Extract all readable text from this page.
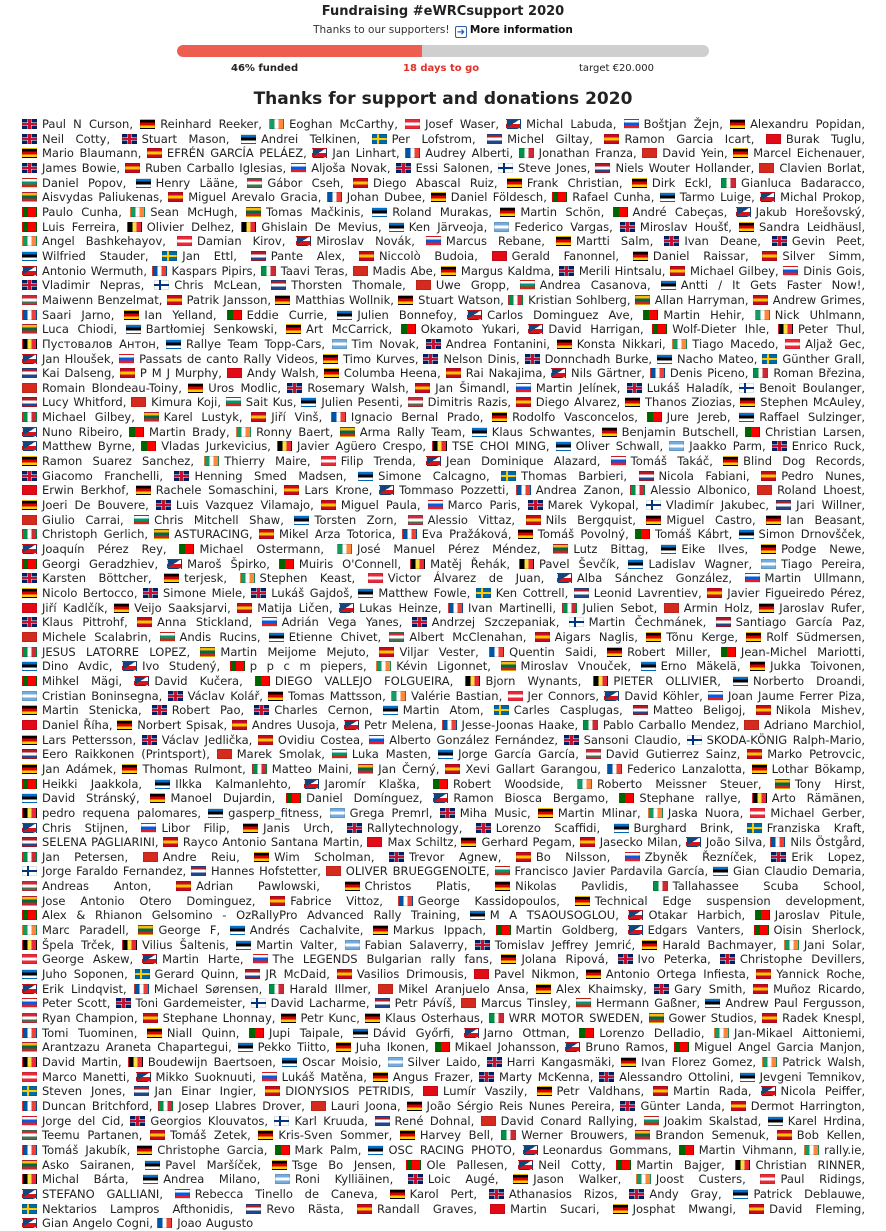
Fundraising #eWRCsupport 2020
Thanks to our supporters! ➜ More information
46% funded	18 days to go	target €20.000
Thanks for support and donations 2020
Paul N Curson, Reinhard Reeker, Eoghan McCarthy, Josef Waser, Michal Labuda, Boštjan Žejn, Alexandru Popidan, Neil Cotty, Stuart Mason, Andrei Telkinen, Per Lofstrom, Michel Giltay, Ramon Garcia Icart, Burak Tuglu, Mario Blaumann, EFRÉN GARCÍA PELÁEZ, Jan Linhart, Audrey Alberti, Jonathan Franza, David Yein, Marcel Eichenauer, James Bowie, Ruben Carballo Iglesias, Aljoša Novak, Essi Salonen, Steve Jones, Niels Wouter Hollander, Clavien Borlat, Daniel Popov, Henry Lääne, Gábor Cseh, Diego Abascal Ruiz, Frank Christian, Dirk Eckl, Gianluca Badaracco, Aisvydas Paliukenas, Miguel Arevalo Gracia, Johan Dubee, Daniel Földesch, Rafael Cunha, Tarmo Luige, Michal Prokop, Paulo Cunha, Sean McHugh, Tomas Mačkinis, Roland Murakas, Martin Schön, André Cabeças, Jakub Horešovský, Luis Ferreira, Olivier Delhez, Ghislain De Mevius, Ken Järveoja, Federico Vargas, Miroslav Houšť, Sandra Leidhäusl, Angel Bashkehayov, Damian Kirov, Miroslav Novák, Marcus Rebane, Martti Salm, Ivan Deane, Gevin Peet, Wilfried Stauder, Jan Ettl, Pante Alex, Niccolò Budoia, Gerald Fanonnel, Daniel Raissar, Silver Simm, Antonio Wermuth, Kaspars Pipirs, Taavi Teras, Madis Abe, Margus Kaldma, Merili Hintsalu, Michael Gilbey, Dinis Gois, Vladimir Nepras, Chris McLean, Thorsten Thomale, Uwe Gropp, Andrea Casanova, Antti / It Gets Faster Now!, Maiwenn Benzelmat, Patrik Jansson, Matthias Wollnik, Stuart Watson, Kristian Sohlberg, Allan Harryman, Andrew Grimes, Saari Jarno, Ian Yelland, Eddie Currie, Julien Bonnefoy, Carlos Dominguez Ave, Martin Hehir, Nick Uhlmann, Luca Chiodi, Bartłomiej Senkowski, Art McCarrick, Okamoto Yukari, David Harrigan, Wolf-Dieter Ihle, Peter Thul, Пустовалов Антон, Rallye Team Topp-Cars, Tim Novak, Andrea Fontanini, Konsta Nikkari, Tiago Macedo, Aljaž Gec, Jan Hloušek, Passats de canto Rally Videos, Timo Kurves, Nelson Dinis, Donnchadh Burke, Nacho Mateo, Günther Grall, Kai Dalseng, P M J Murphy, Andy Walsh, Columba Heena, Rai Nakajima, Nils Gärtner, Denis Piceno, Roman Březina, Romain Blondeau-Toiny, Uros Modlic, Rosemary Walsh, Jan Šimandl, Martin Jelínek, Lukáš Haladík, Benoit Boulanger, Lucy Whitford, Kimura Koji, Sait Kus, Julien Pesenti, Dimitris Razis, Diego Alvarez, Thanos Ziozias, Stephen McAuley, Michael Gilbey, Karel Lustyk, Jiří Vinš, Ignacio Bernal Prado, Rodolfo Vasconcelos, Jure Jereb, Raffael Sulzinger, Nuno Ribeiro, Martin Brady, Ronny Baert, Arma Rally Team, Klaus Schwantes, Benjamin Butschell, Christian Larsen, Matthew Byrne, Vladas Jurkevicius, Javier Agüero Crespo, TSE CHOI MING, Oliver Schwall, Jaakko Parm, Enrico Ruck, Ramon Suarez Sanchez, Thierry Maire, Filip Trenda, Jean Dominique Alazard, Tomáš Takáč, Blind Dog Records, Giacomo Franchelli, Henning Smed Madsen, Simone Calcagno, Thomas Barbieri, Nicola Fabiani, Pedro Nunes, Erwin Berkhof, Rachele Somaschini, Lars Krone, Tommaso Pozzetti, Andrea Zanon, Alessio Albonico, Roland Lhoest, Joeri De Bouvere, Luis Vazquez Vilamajo, Miguel Paula, Marco Paris, Marek Vykopal, Vladimír Jakubec, Jari Willner, Giulio Carrai, Chris Mitchell Shaw, Torsten Zorn, Alessio Vittaz, Nils Bergquist, Miguel Castro, Ian Beasant, Christoph Gerlich, ASTURACING, Mikel Arza Totorica, Eva Pražáková, Tomáš Povolný, Tomáš Kábrt, Simon Drnovšček, Joaquín Pérez Rey, Michael Ostermann, José Manuel Pérez Méndez, Lutz Bittag, Eike Ilves, Podge Newe, Georgi Geradzhiev, Maroš Špirko, Muiris O'Connell, Matěj Řehák, Pavel Ševčík, Ladislav Wagner, Tiago Pereira, Karsten Böttcher, terjesk, Stephen Keast, Victor Álvarez de Juan, Alba Sánchez González, Martin Ullmann, Nicolo Bertocco, Simone Miele, Lukáš Gajdoš, Matthew Fowle, Ken Cottrell, Leonid Lavrentiev, Javier Figueiredo Pérez, Jiří Kadlčík, Veijo Saaksjarvi, Matija Ličen, Lukas Heinze, Ivan Martinelli, Julien Sebot, Armin Holz, Jaroslav Rufer, Klaus Pittrohf, Anna Stickland, Adrián Vega Yanes, Andrzej Szczepaniak, Martin Čechmánek, Santiago García Paz, Michele Scalabrin, Andis Rucins, Etienne Chivet, Albert McClenahan, Aigars Naglis, Tõnu Kerge, Rolf Südmersen, JESUS LATORRE LOPEZ, Martin Meijome Mejuto, Viljar Vester, Quentin Saidi, Robert Miller, Jean-Michel Mariotti, Dino Avdic, Ivo Studený, p p c m piepers, Kévin Ligonnet, Miroslav Vnouček, Erno Mäkelä, Jukka Toivonen, Mihkel Mägi, David Kučera, DIEGO VALLEJO FOLGUEIRA, Bjorn Wynants, PIETER OLLIVIER, Norberto Droandi, Cristian Boninsegna, Václav Kolář, Tomas Mattsson, Valérie Bastian, Jer Connors, David Köhler, Joan Jaume Ferrer Piza, Martin Stenicka, Robert Pao, Charles Cernon, Martin Atom, Carles Casplugas, Matteo Beligoj, Nikola Mishev, Daniel Říha, Norbert Spisak, Andres Uusoja, Petr Melena, Jesse-Joonas Haake, Pablo Carballo Mendez, Adriano Marchiol, Lars Pettersson, Václav Jedlička, Ovidiu Costea, Alberto González Fernández, Sansoni Claudio, SKODA-KÖNIG Ralph-Mario, Eero Raikkonen (Printsport), Marek Smolak, Luka Masten, Jorge García García, David Gutierrez Sainz, Marko Petrovcic, Jan Adámek, Thomas Rulmont, Matteo Maini, Jan Černý, Xevi Gallart Garangou, Federico Lanzalotta, Lothar Bökamp, Heikki Jaakkola, Ilkka Kalmanlehto, Jaromír Klaška, Robert Woodside, Roberto Meissner Steuer, Tony Hirst, David Stránský, Manoel Dujardin, Daniel Domínguez, Ramon Biosca Bergamo, Stephane rallye, Arto Rämänen, pedro requena palomares, gasperp_fitness, Grega Premrl, Miha Music, Martin Mlinar, Jaska Nuora, Michael Gerber, Chris Stijnen, Libor Filip, Janis Urch, Rallytechnology, Lorenzo Scaffidi, Burghard Brink, Franziska Kraft, SELENA PAGLIARINI, Rayco Antonio Santana Martin, Max Schiltz, Gerhard Pegam, Jasecko Milan, João Silva, Nils Östgård, Jan Petersen, Andre Reiu, Wim Scholman, Trevor Agnew, Bo Nilsson, Zbyněk Řezníček, Erik Lopez, Jorge Faraldo Fernandez, Hannes Hofstetter, OLIVER BRUEGGENOLTE, Francisco Javier Pardavila García, Gian Claudio Demaria, Andreas Anton, Adrian Pawlowski, Christos Platis, Nikolas Pavlidis, Tallahassee Scuba School, Jose Antonio Otero Dominguez, Fabrice Vittoz, George Kassidopoulos, Technical Edge suspension development, Alex & Rhianon Gelsomino - OzRallyPro Advanced Rally Training, M A TSAOUSOGLOU, Otakar Harbich, Jaroslav Pitule, Marc Paradell, George F, Andrés Cachalvite, Markus Ippach, Martin Goldberg, Edgars Vanters, Oisin Sherlock, Špela Trček, Vilius Šaltenis, Martin Valter, Fabian Salaverry, Tomislav Jeffrey Jemrić, Harald Bachmayer, Jani Solar, George Askew, Martin Harte, The LEGENDS Bulgarian rally fans, Jolana Ripová, Ivo Peterka, Christophe Devillers, Juho Soponen, Gerard Quinn, JR McDaid, Vasilios Drimousis, Pavel Nikmon, Antonio Ortega Infiesta, Yannick Roche, Erik Lindqvist, Michael Sørensen, Harald Illmer, Mikel Aranjuelo Ansa, Alex Khaimsky, Gary Smith, Muñoz Ricardo, Peter Scott, Toni Gardemeister, David Lacharme, Petr Pávíš, Marcus Tinsley, Hermann Gaßner, Andrew Paul Fergusson, Ryan Champion, Stephane Lhonnay, Petr Kunc, Klaus Osterhaus, WRR MOTOR SWEDEN, Gower Studios, Radek Knespl, Tomi Tuominen, Niall Quinn, Jupi Taipale, Dávid Győrfi, Jarno Ottman, Lorenzo Delladio, Jan-Mikael Aittoniemi, Arantzazu Araneta Chapartegui, Pekko Tiitto, Juha Ikonen, Mikael Johansson, Bruno Ramos, Miguel Angel Garcia Manjon, David Martin, Boudewijn Baertsoen, Oscar Moisio, Silver Laido, Harri Kangasmäki, Ivan Florez Gomez, Patrick Walsh, Marco Manetti, Mikko Suoknuuti, Lukáš Matěna, Angus Frazer, Marty McKenna, Alessandro Ottolini, Jevgeni Temnikov, Steven Jones, Jan Einar Ingier, DIONYSIOS PETRIDIS, Lumír Vaszily, Petr Valdhans, Martin Rada, Nicola Peiffer, Duncan Britchford, Josep Llabres Drover, Lauri Joona, João Sérgio Reis Nunes Pereira, Günter Landa, Dermot Harrington, Jorge del Cid, Georgios Klouvatos, Karl Kruuda, René Dohnal, David Conard Rallying, Joakim Skalstad, Karel Hrdina, Teemu Partanen, Tomáš Zetek, Kris-Sven Sommer, Harvey Bell, Werner Brouwers, Brandon Semenuk, Bob Kellen, Tomáš Jakubík, Christophe Garcia, Mark Palm, OSC RACING PHOTO, Leonardus Gommans, Martin Vihmann, rally.ie, Asko Sairanen, Pavel Maršíček, Tsge Bo Jensen, Ole Pallesen, Neil Cotty, Martin Bajger, Christian RINNER, Michal Bárta, Andrea Milano, Roni Kylliäinen, Loic Augé, Jason Walker, Joost Custers, Paul Ridings, STEFANO GALLIANI, Rebecca Tinello de Caneva, Karol Pert, Athanasios Rizos, Andy Gray, Patrick Deblauwe, Nektarios Lampros Afthonidis, Revo Rästa, Randall Graves, Martin Sucari, Josphat Mwangi, David Fleming, Gian Angelo Cogni, Joao Augusto
